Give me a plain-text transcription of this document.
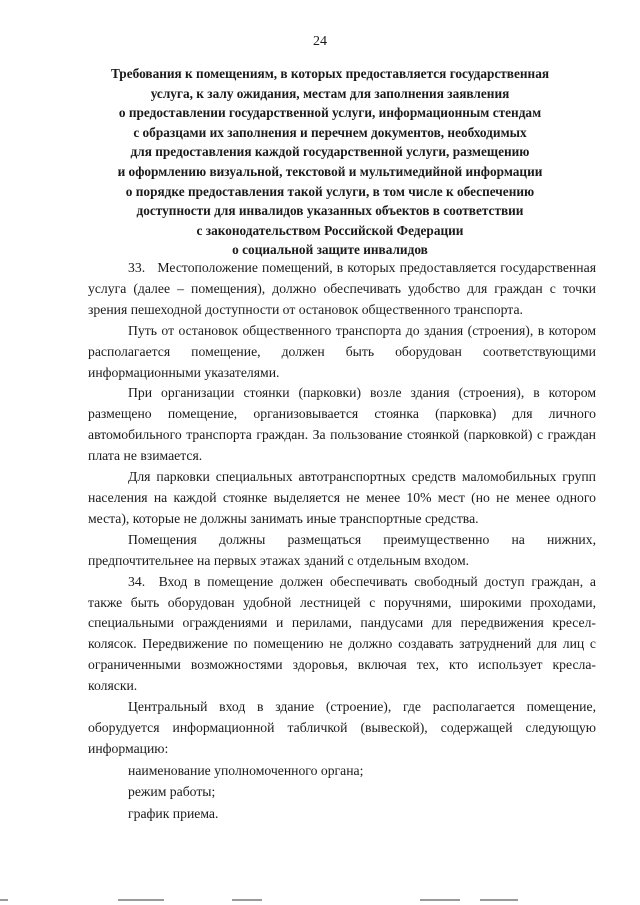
24
Требования к помещениям, в которых предоставляется государственная
услуга, к залу ожидания, местам для заполнения заявления
о предоставлении государственной услуги, информационным стендам
с образцами их заполнения и перечнем документов, необходимых
для предоставления каждой государственной услуги, размещению
и оформлению визуальной, текстовой и мультимедийной информации
о порядке предоставления такой услуги, в том числе к обеспечению
доступности для инвалидов указанных объектов в соответствии
с законодательством Российской Федерации
о социальной защите инвалидов

33.   Местоположение помещений, в которых предоставляется государственная услуга (далее – помещения), должно обеспечивать удобство для граждан с точки зрения пешеходной доступности от остановок общественного транспорта.

Путь от остановок общественного транспорта до здания (строения), в котором располагается помещение, должен быть оборудован соответствующими информационными указателями.

При организации стоянки (парковки) возле здания (строения), в котором размещено помещение, организовывается стоянка (парковка) для личного автомобильного транспорта граждан. За пользование стоянкой (парковкой) с граждан плата не взимается.

Для парковки специальных автотранспортных средств маломобильных групп населения на каждой стоянке выделяется не менее 10% мест (но не менее одного места), которые не должны занимать иные транспортные средства.

Помещения должны размещаться преимущественно на нижних, предпочтительнее на первых этажах зданий с отдельным входом.

34.  Вход в помещение должен обеспечивать свободный доступ граждан, а также быть оборудован удобной лестницей с поручнями, широкими проходами, специальными ограждениями и перилами, пандусами для передвижения кресел-колясок. Передвижение по помещению не должно создавать затруднений для лиц с ограниченными возможностями здоровья, включая тех, кто использует кресла-коляски.

Центральный вход в здание (строение), где располагается помещение, оборудуется информационной табличкой (вывеской), содержащей следующую информацию:

наименование уполномоченного органа;

режим работы;

график приема.
